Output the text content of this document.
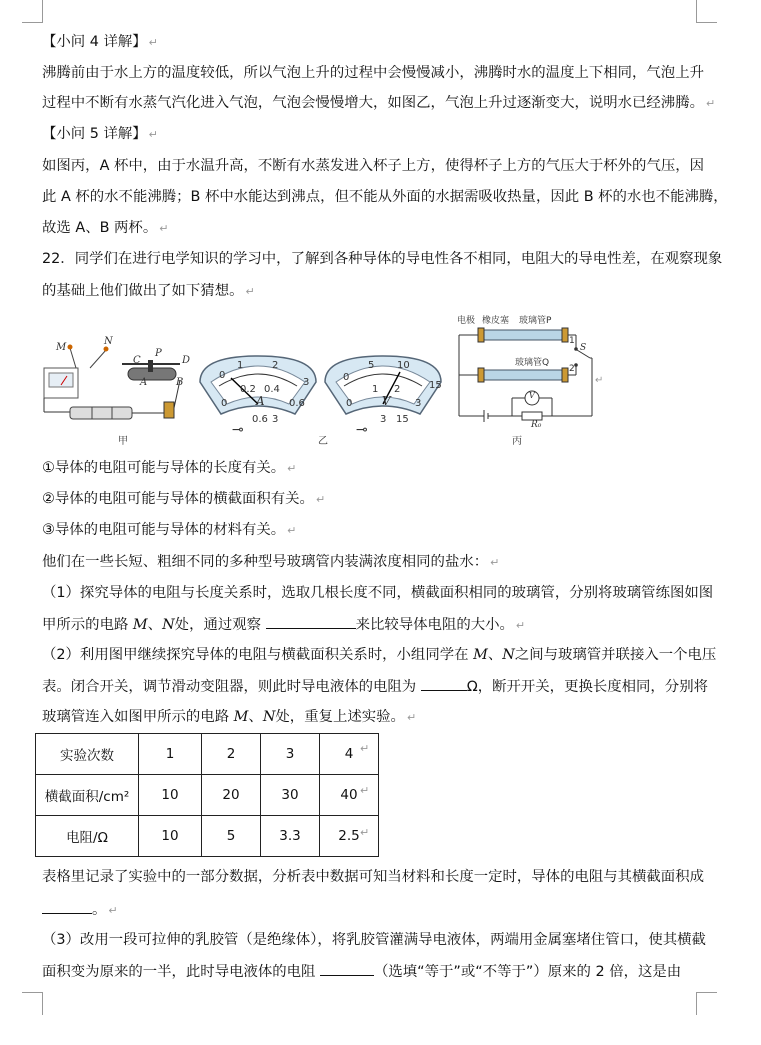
【小问 4 详解】 ↵
沸腾前由于水上方的温度较低，所以气泡上升的过程中会慢慢减小，沸腾时水的温度上下相同，气泡上升
过程中不断有水蒸气汽化进入气泡，气泡会慢慢增大，如图乙，气泡上升过逐渐变大，说明水已经沸腾。 ↵
【小问 5 详解】 ↵
如图丙，A 杯中，由于水温升高，不断有水蒸发进入杯子上方，使得杯子上方的气压大于杯外的气压，因
此 A 杯的水不能沸腾；B 杯中水能达到沸点，但不能从外面的水据需吸收热量，因此 B 杯的水也不能沸腾，
故选 A、B 两杯。 ↵
22．同学们在进行电学知识的学习中，了解到各种导体的导电性各不相同，电阻大的导电性差，在观察现象
的基础上他们做出了如下猜想。 ↵
M
N
C
P
D
A	B
甲
0
1	2
3
0
0.2 0.4
0.6
A
⊸
0.6 3
0
5 10
15
0
1 2
3
V
⊸
3 15
乙
电极 橡皮塞 玻璃管P
玻璃管Q
S
1
2
V
R₀
丙
↵
①导体的电阻可能与导体的长度有关。 ↵
②导体的电阻可能与导体的横截面积有关。 ↵
③导体的电阻可能与导体的材料有关。 ↵
他们在一些长短、粗细不同的多种型号玻璃管内装满浓度相同的盐水： ↵
（1）探究导体的电阻与长度关系时，选取几根长度不同，横截面积相同的玻璃管，分别将玻璃管练图如图
甲所示的电路 M、N处，通过观察	来比较导体电阻的大小。 ↵
（2）利用图甲继续探究导体的电阻与横截面积关系时，小组同学在 M、N之间与玻璃管并联接入一个电压
表。闭合开关，调节滑动变阻器，则此时导电液体的电阻为	Ω，断开开关，更换长度相同，分别将
玻璃管连入如图甲所示的电路 M、N处，重复上述实验。 ↵
实验次数	1	2	3	4
横截面积/cm²	10	20	30	40
电阻/Ω	10	5	3.3	2.5
↵
↵
↵
表格里记录了实验中的一部分数据，分析表中数据可知当材料和长度一定时，导体的电阻与其横截面积成
。 ↵
（3）改用一段可拉伸的乳胶管（是绝缘体），将乳胶管灌满导电液体，两端用金属塞堵住管口，使其横截
面积变为原来的一半，此时导电液体的电阻	（选填“等于”或“不等于”）原来的 2 倍，这是由
